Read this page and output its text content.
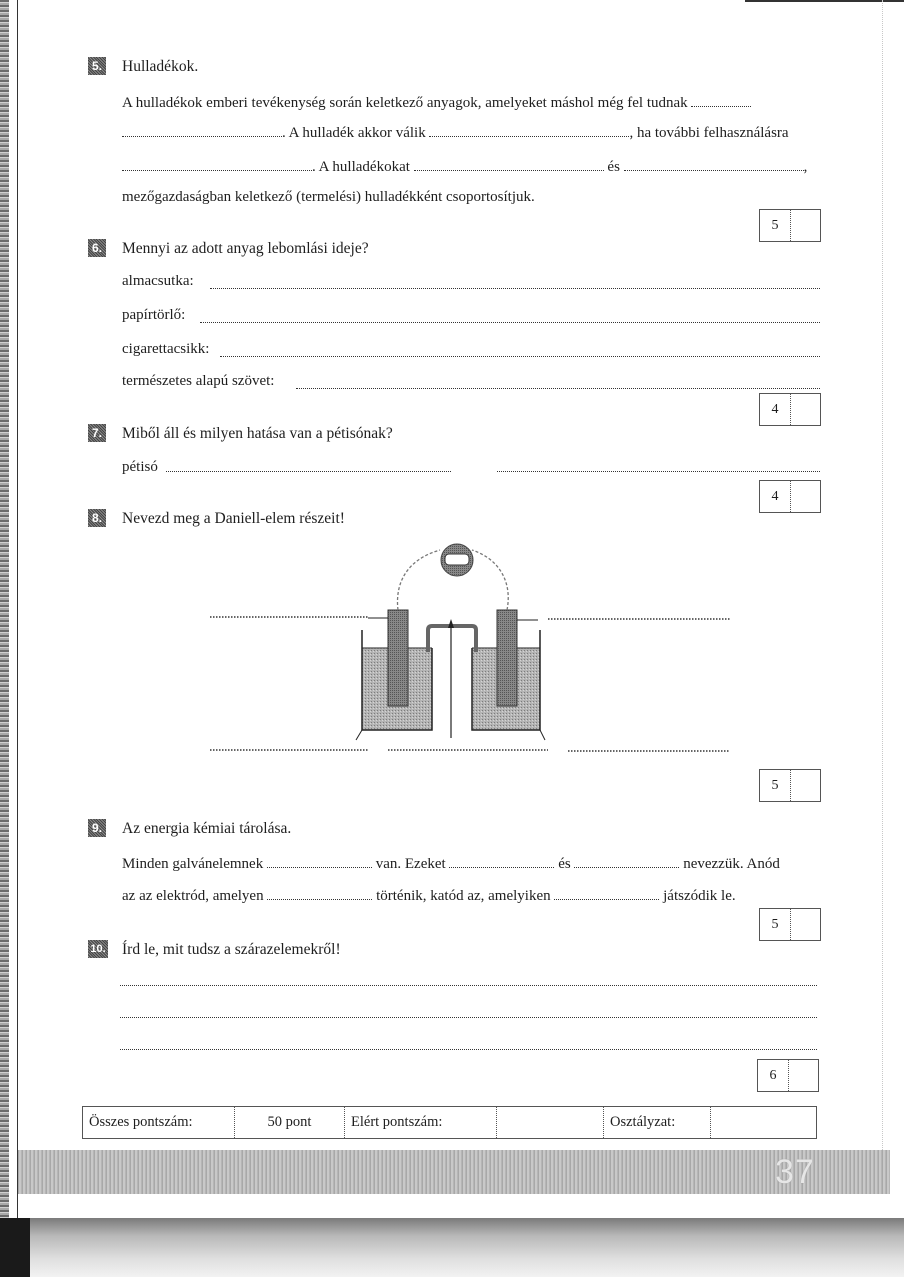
5. Hulladékok.
A hulladékok emberi tevékenység során keletkező anyagok, amelyeket máshol még fel tudnak
. A hulladék akkor válik	, ha további felhasználásra
. A hulladékokat	és	,
mezőgazdaságban keletkező (termelési) hulladékként csoportosítjuk.
5
6. Mennyi az adott anyag lebomlási ideje?
almacsutka:
papírtörlő:
cigarettacsikk:
természetes alapú szövet:
4
7. Miből áll és milyen hatása van a pétisónak?
pétisó
4
8. Nevezd meg a Daniell-elem részeit!
5
9. Az energia kémiai tárolása.
Minden galvánelemnek	van. Ezeket	és	nevezzük. Anód
az az elektród, amelyen	történik, katód az, amelyiken	játszódik le.
5
10. Írd le, mit tudsz a szárazelemekről!
6
Összes pontszám:	50 pont	Elért pontszám:	Osztályzat:
37
